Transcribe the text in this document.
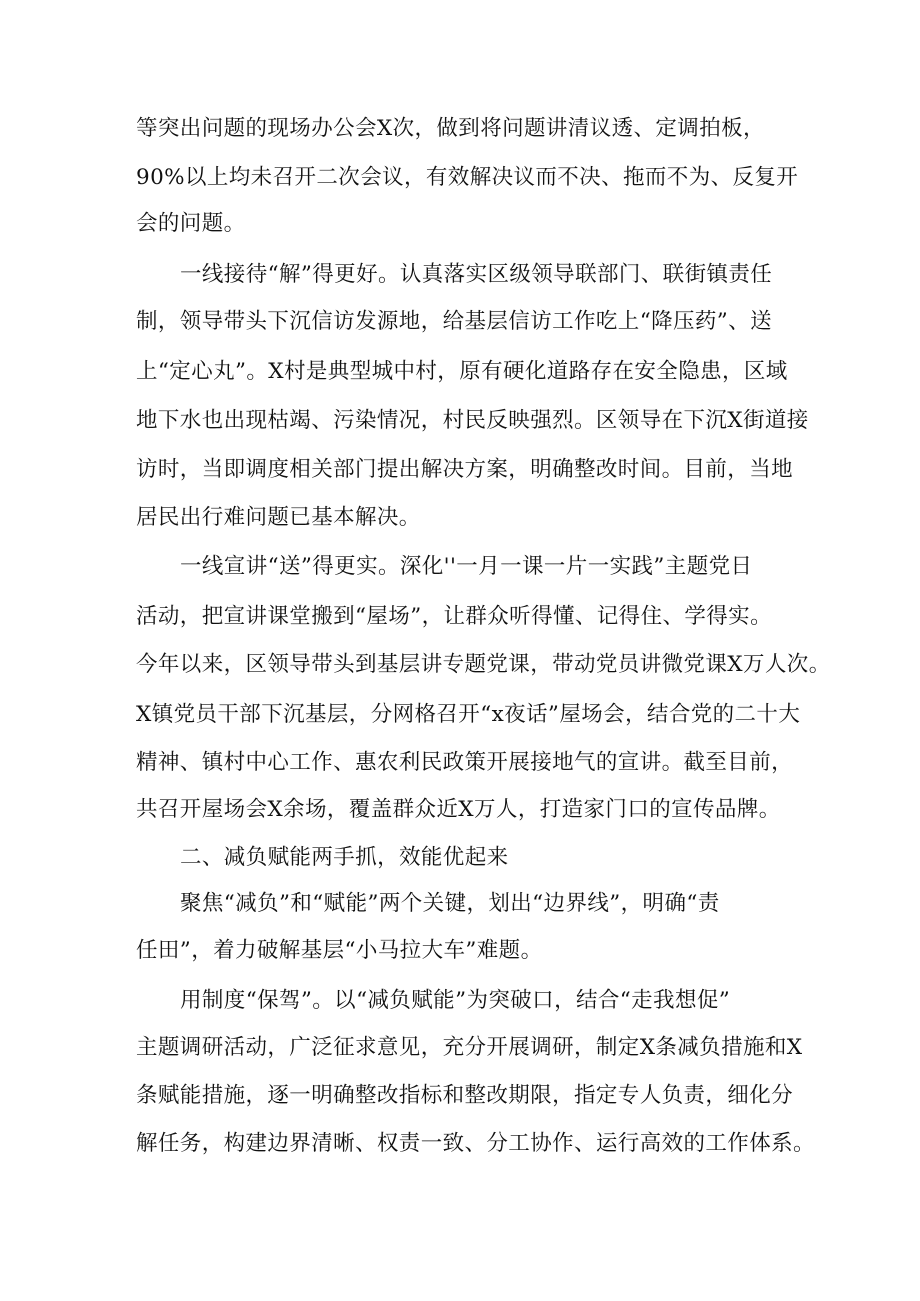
等突出问题的现场办公会X次，做到将问题讲清议透、定调拍板，
90%以上均未召开二次会议，有效解决议而不决、拖而不为、反复开
会的问题。
一线接待“解”得更好。认真落实区级领导联部门、联街镇责任
制，领导带头下沉信访发源地，给基层信访工作吃上“降压药”、送
上“定心丸”。X村是典型城中村，原有硬化道路存在安全隐患，区域
地下水也出现枯竭、污染情况，村民反映强烈。区领导在下沉X街道接
访时，当即调度相关部门提出解决方案，明确整改时间。目前，当地
居民出行难问题已基本解决。
一线宣讲“送”得更实。深化''一月一课一片一实践”主题党日
活动，把宣讲课堂搬到“屋场”，让群众听得懂、记得住、学得实。
今年以来，区领导带头到基层讲专题党课，带动党员讲微党课X万人次。
X镇党员干部下沉基层，分网格召开“x夜话”屋场会，结合党的二十大
精神、镇村中心工作、惠农利民政策开展接地气的宣讲。截至目前，
共召开屋场会X余场，覆盖群众近X万人，打造家门口的宣传品牌。
二、减负赋能两手抓，效能优起来
聚焦“减负”和“赋能”两个关键，划出“边界线”，明确“责
任田”，着力破解基层“小马拉大车”难题。
用制度“保驾”。以“减负赋能”为突破口，结合“走我想促”
主题调研活动，广泛征求意见，充分开展调研，制定X条减负措施和X
条赋能措施，逐一明确整改指标和整改期限，指定专人负责，细化分
解任务，构建边界清晰、权责一致、分工协作、运行高效的工作体系。
